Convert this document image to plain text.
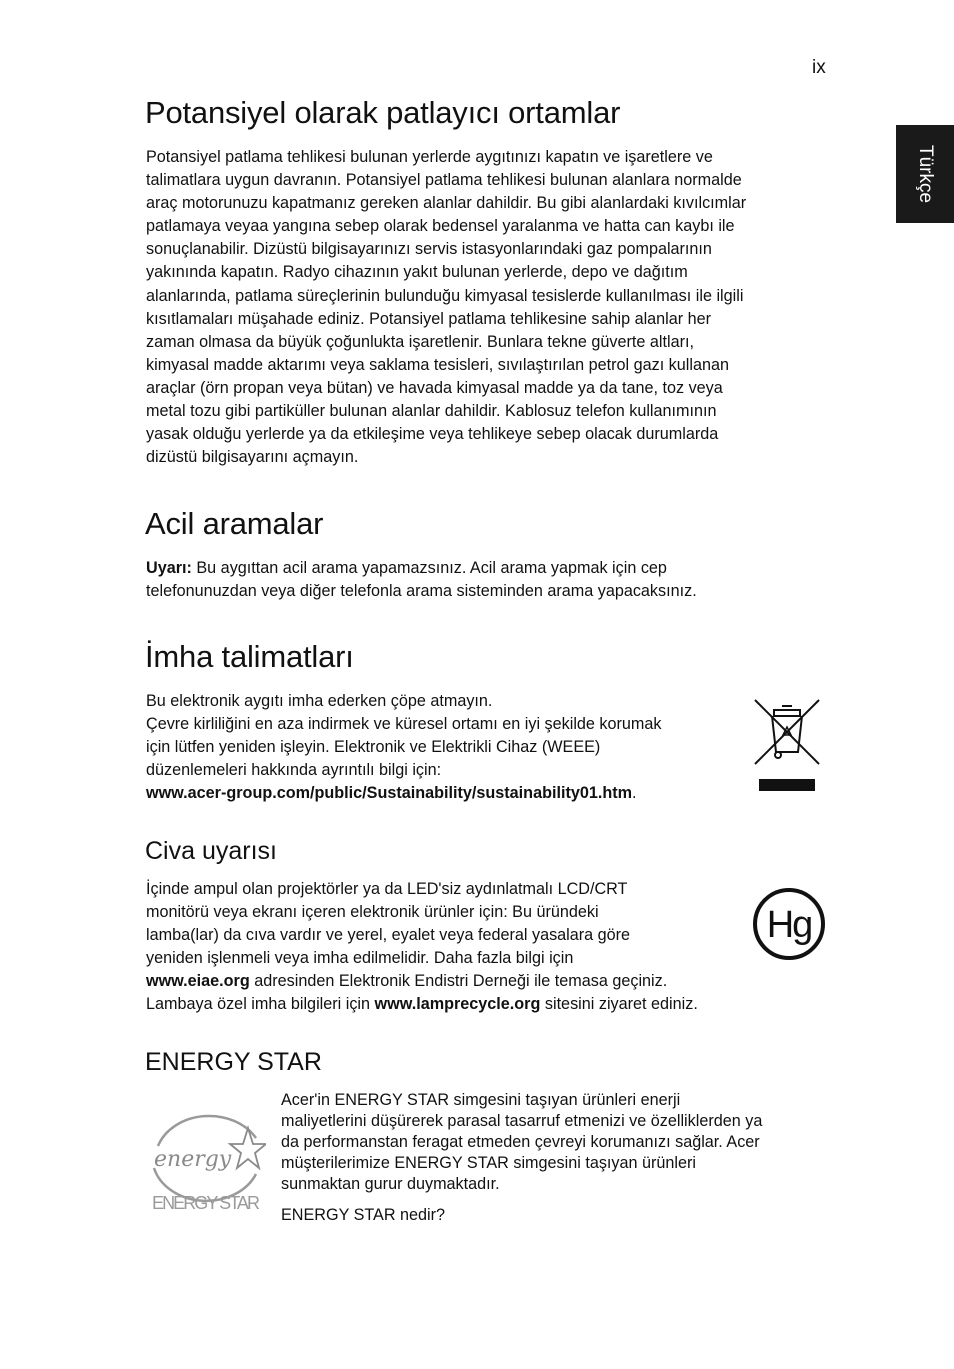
ix
Türkçe
Potansiyel olarak patlayıcı ortamlar

Potansiyel patlama tehlikesi bulunan yerlerde aygıtınızı kapatın ve işaretlere ve
talimatlara uygun davranın. Potansiyel patlama tehlikesi bulunan alanlara normalde
araç motorunuzu kapatmanız gereken alanlar dahildir. Bu gibi alanlardaki kıvılcımlar
patlamaya veyaa yangına sebep olarak bedensel yaralanma ve hatta can kaybı ile
sonuçlanabilir. Dizüstü bilgisayarınızı servis istasyonlarındaki gaz pompalarının
yakınında kapatın. Radyo cihazının yakıt bulunan yerlerde, depo ve dağıtım
alanlarında, patlama süreçlerinin bulunduğu kimyasal tesislerde kullanılması ile ilgili
kısıtlamaları müşahade ediniz. Potansiyel patlama tehlikesine sahip alanlar her
zaman olmasa da büyük çoğunlukta işaretlenir. Bunlara tekne güverte altları,
kimyasal madde aktarımı veya saklama tesisleri, sıvılaştırılan petrol gazı kullanan
araçlar (örn propan veya bütan) ve havada kimyasal madde ya da tane, toz veya
metal tozu gibi partiküller bulunan alanlar dahildir. Kablosuz telefon kullanımının
yasak olduğu yerlerde ya da etkileşime veya tehlikeye sebep olacak durumlarda
dizüstü bilgisayarını açmayın.

Acil aramalar

Uyarı: Bu aygıttan acil arama yapamazsınız. Acil arama yapmak için cep
telefonunuzdan veya diğer telefonla arama sisteminden arama yapacaksınız.

İmha talimatları

Bu elektronik aygıtı imha ederken çöpe atmayın.
Çevre kirliliğini en aza indirmek ve küresel ortamı en iyi şekilde korumak
için lütfen yeniden işleyin. Elektronik ve Elektrikli Cihaz (WEEE)
düzenlemeleri hakkında ayrıntılı bilgi için:
www.acer-group.com/public/Sustainability/sustainability01.htm.

Civa uyarısı

İçinde ampul olan projektörler ya da LED'siz aydınlatmalı LCD/CRT
monitörü veya ekranı içeren elektronik ürünler için: Bu üründeki
lamba(lar) da cıva vardır ve yerel, eyalet veya federal yasalara göre
yeniden işlenmeli veya imha edilmelidir. Daha fazla bilgi için
www.eiae.org adresinden Elektronik Endistri Derneği ile temasa geçiniz.
Lambaya özel imha bilgileri için www.lamprecycle.org sitesini ziyaret ediniz.

Hg
ENERGY STAR
energy
ENERGY STAR

Acer'in ENERGY STAR simgesini taşıyan ürünleri enerji
maliyetlerini düşürerek parasal tasarruf etmenizi ve özelliklerden ya
da performanstan feragat etmeden çevreyi korumanızı sağlar. Acer
müşterilerimize ENERGY STAR simgesini taşıyan ürünleri
sunmaktan gurur duymaktadır.

ENERGY STAR nedir?
